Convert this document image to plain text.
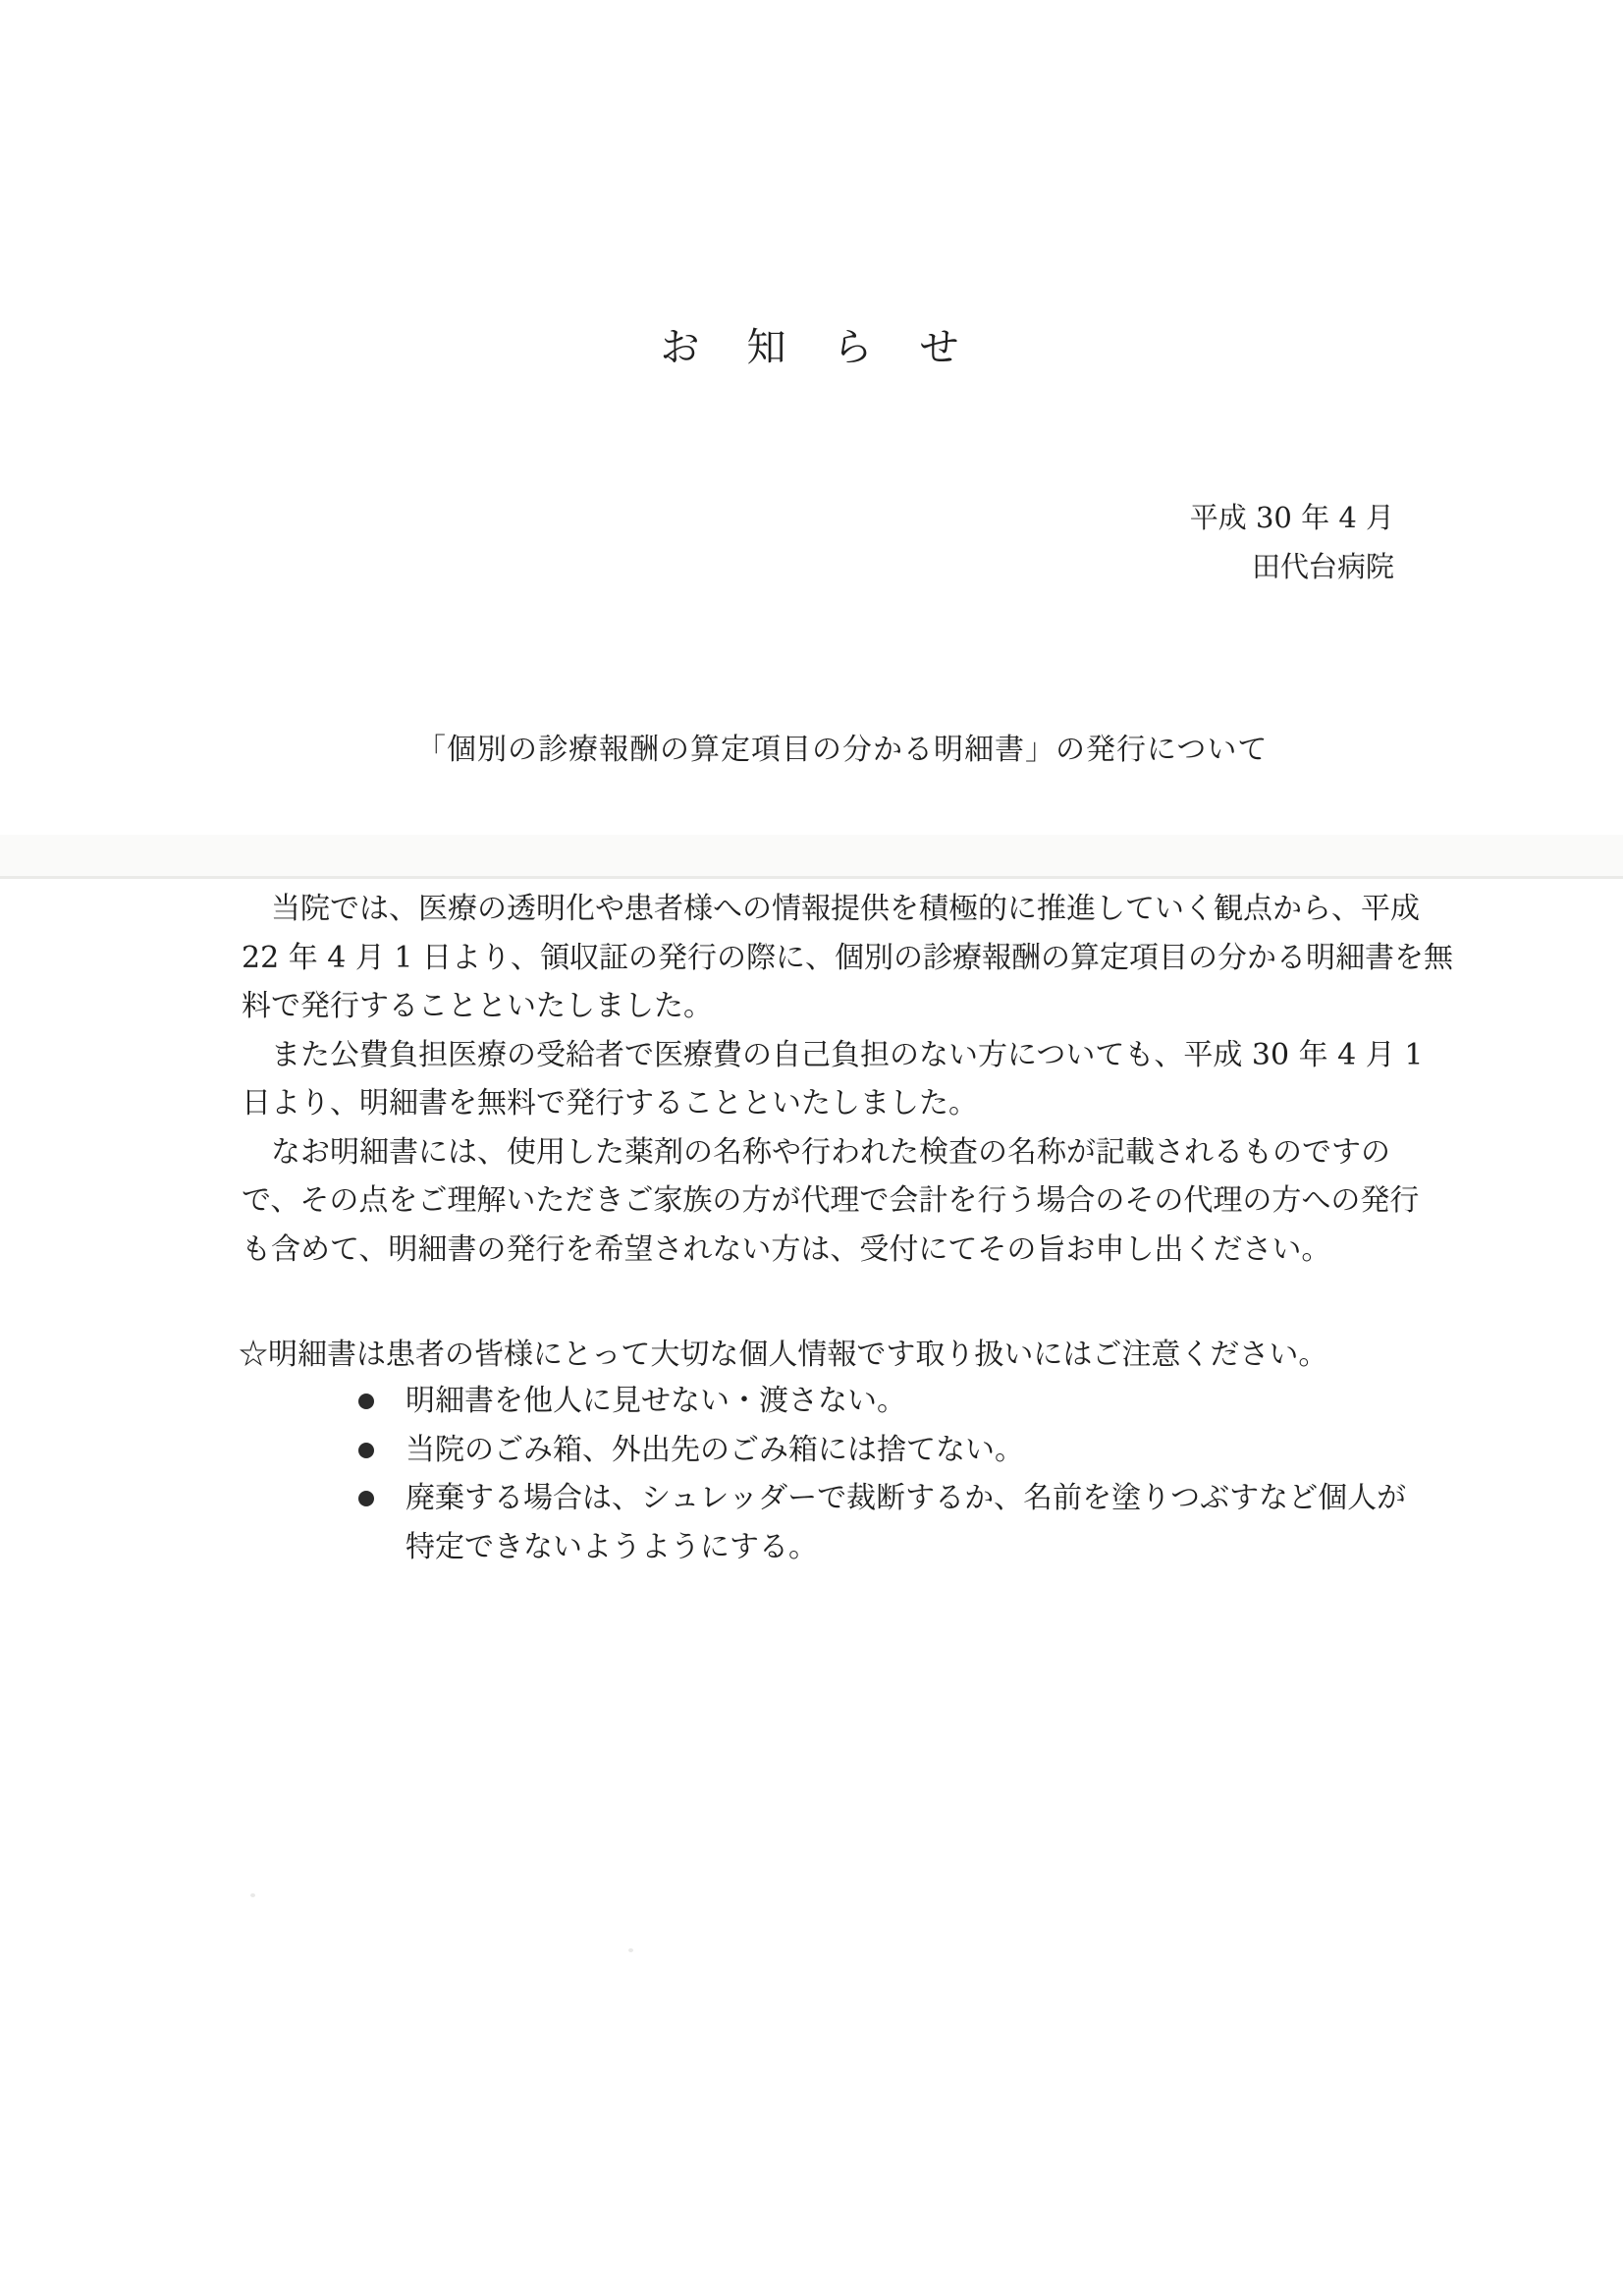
お　知　ら　せ
平成 30 年 4 月
田代台病院
「個別の診療報酬の算定項目の分かる明細書」の発行について
　当院では、医療の透明化や患者様への情報提供を積極的に推進していく観点から、平成
22 年 4 月 1 日より、領収証の発行の際に、個別の診療報酬の算定項目の分かる明細書を無
料で発行することといたしました。
　また公費負担医療の受給者で医療費の自己負担のない方についても、平成 30 年 4 月 1
日より、明細書を無料で発行することといたしました。
　なお明細書には、使用した薬剤の名称や行われた検査の名称が記載されるものですの
で、その点をご理解いただきご家族の方が代理で会計を行う場合のその代理の方への発行
も含めて、明細書の発行を希望されない方は、受付にてその旨お申し出ください。
☆明細書は患者の皆様にとって大切な個人情報です取り扱いにはご注意ください。
明細書を他人に見せない・渡さない。
当院のごみ箱、外出先のごみ箱には捨てない。
廃棄する場合は、シュレッダーで裁断するか、名前を塗りつぶすなど個人が
特定できないようようにする。
